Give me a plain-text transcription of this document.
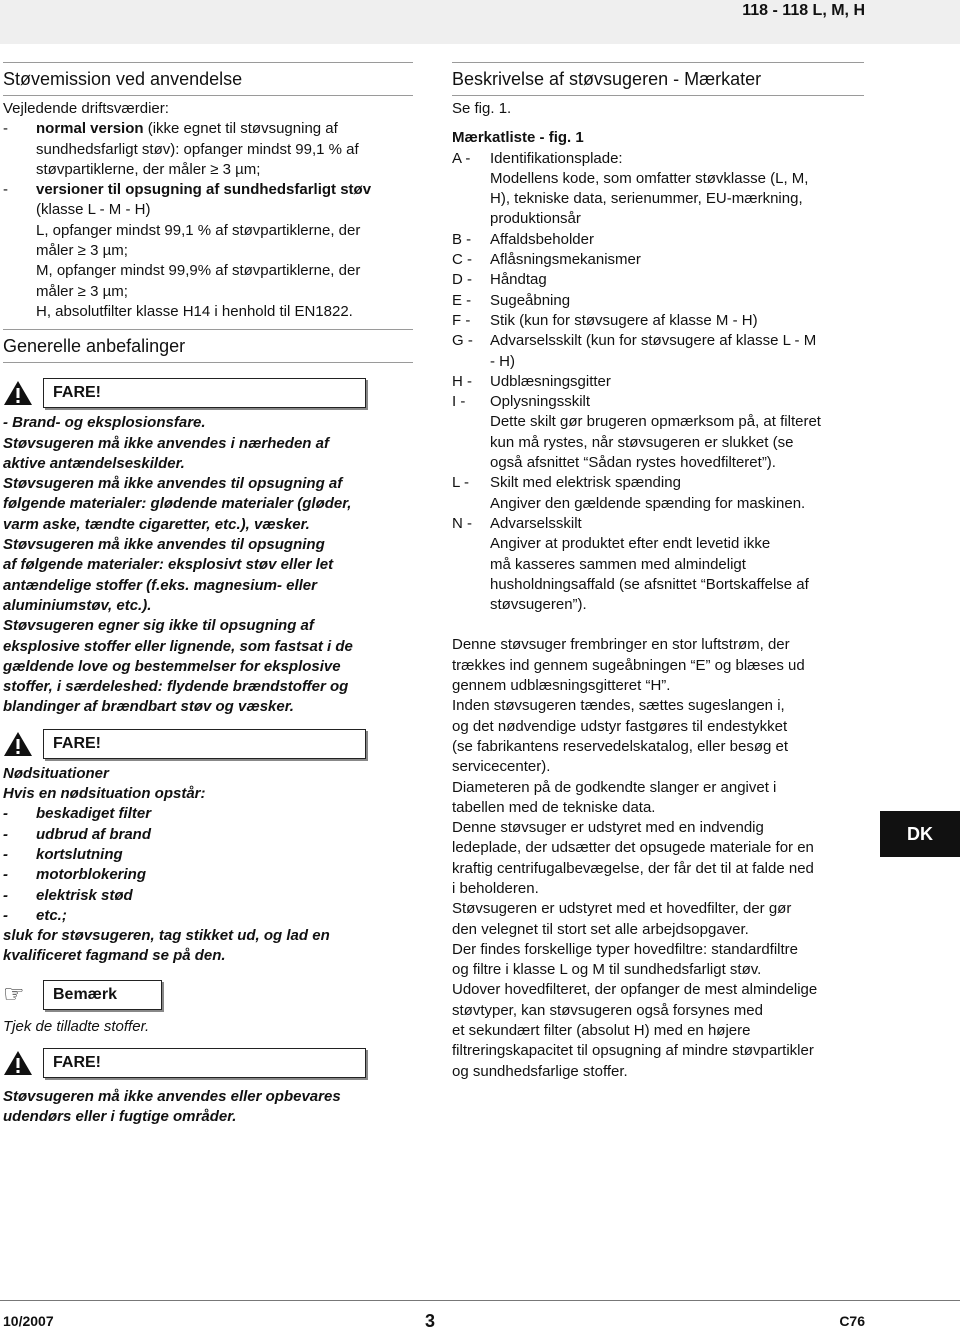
118 - 118 L, M, H
Støvemission ved anvendelse

Vejledende driftsværdier:

-	normal version (ikke egnet til støvsugning af

sundhedsfarligt støv): opfanger mindst 99,1 % af

støvpartiklerne, der måler ≥ 3 µm;

-	versioner til opsugning af sundhedsfarligt støv

(klasse L - M - H)

L, opfanger mindst 99,1 % af støvpartiklerne, der

måler ≥ 3 µm;

M, opfanger mindst 99,9% af støvpartiklerne, der

måler ≥ 3 µm;

H, absolutfilter klasse H14 i henhold til EN1822.

Generelle anbefalinger
FARE!

- Brand- og eksplosionsfare.

Støvsugeren må ikke anvendes i nærheden af

aktive antændelseskilder.

Støvsugeren må ikke anvendes til opsugning af

følgende materialer: glødende materialer (gløder,

varm aske, tændte cigaretter, etc.), væsker.

Støvsugeren må ikke anvendes til opsugning

af følgende materialer: eksplosivt støv eller let

antændelige stoffer (f.eks. magnesium- eller

aluminiumstøv, etc.).

Støvsugeren egner sig ikke til opsugning af

eksplosive stoffer eller lignende, som fastsat i de

gældende love og bestemmelser for eksplosive

stoffer, i særdeleshed: flydende brændstoffer og

blandinger af brændbart støv og væsker.

FARE!

Nødsituationer

Hvis en nødsituation opstår:

-	beskadiget filter
-	udbrud af brand
-	kortslutning
-	motorblokering
-	elektrisk stød
-	etc.;

sluk for støvsugeren, tag stikket ud, og lad en

kvalificeret fagmand se på den.

☞	Bemærk

Tjek de tilladte stoffer.

FARE!

Støvsugeren må ikke anvendes eller opbevares

udendørs eller i fugtige områder.

Beskrivelse af støvsugeren - Mærkater

Se fig. 1.

Mærkatliste - fig. 1

A -	Identifikationsplade:
Modellens kode, som omfatter støvklasse (L, M,
H), tekniske data, serienummer, EU-mærkning,
produktionsår
B -	Affaldsbeholder
C -	Aflåsningsmekanismer
D -	Håndtag
E -	Sugeåbning
F -	Stik (kun for støvsugere af klasse M - H)
G -	Advarselsskilt (kun for støvsugere af klasse L - M
- H)
H -	Udblæsningsgitter
I -	Oplysningsskilt
Dette skilt gør brugeren opmærksom på, at filteret
kun må rystes, når støvsugeren er slukket (se
også afsnittet “Sådan rystes hovedfilteret”).
L -	Skilt med elektrisk spænding
Angiver den gældende spænding for maskinen.
N -	Advarselsskilt
Angiver at produktet efter endt levetid ikke
må kasseres sammen med almindeligt
husholdningsaffald (se afsnittet “Bortskaffelse af
støvsugeren”).

Denne støvsuger frembringer en stor luftstrøm, der

trækkes ind gennem sugeåbningen “E” og blæses ud

gennem udblæsningsgitteret “H”.

Inden støvsugeren tændes, sættes sugeslangen i,

og det nødvendige udstyr fastgøres til endestykket

(se fabrikantens reservedelskatalog, eller besøg et

servicecenter).

Diameteren på de godkendte slanger er angivet i

tabellen med de tekniske data.

Denne støvsuger er udstyret med en indvendig

ledeplade, der udsætter det opsugede materiale for en

kraftig centrifugalbevægelse, der får det til at falde ned

i beholderen.

Støvsugeren er udstyret med et hovedfilter, der gør

den velegnet til stort set alle arbejdsopgaver.

Der findes forskellige typer hovedfiltre: standardfiltre

og filtre i klasse L og M til sundhedsfarligt støv.

Udover hovedfilteret, der opfanger de mest almindelige

støvtyper, kan støvsugeren også forsynes med

et sekundært filter (absolut H) med en højere

filtreringskapacitet til opsugning af mindre støvpartikler

og sundhedsfarlige stoffer.

DK
10/2007	3	C76
